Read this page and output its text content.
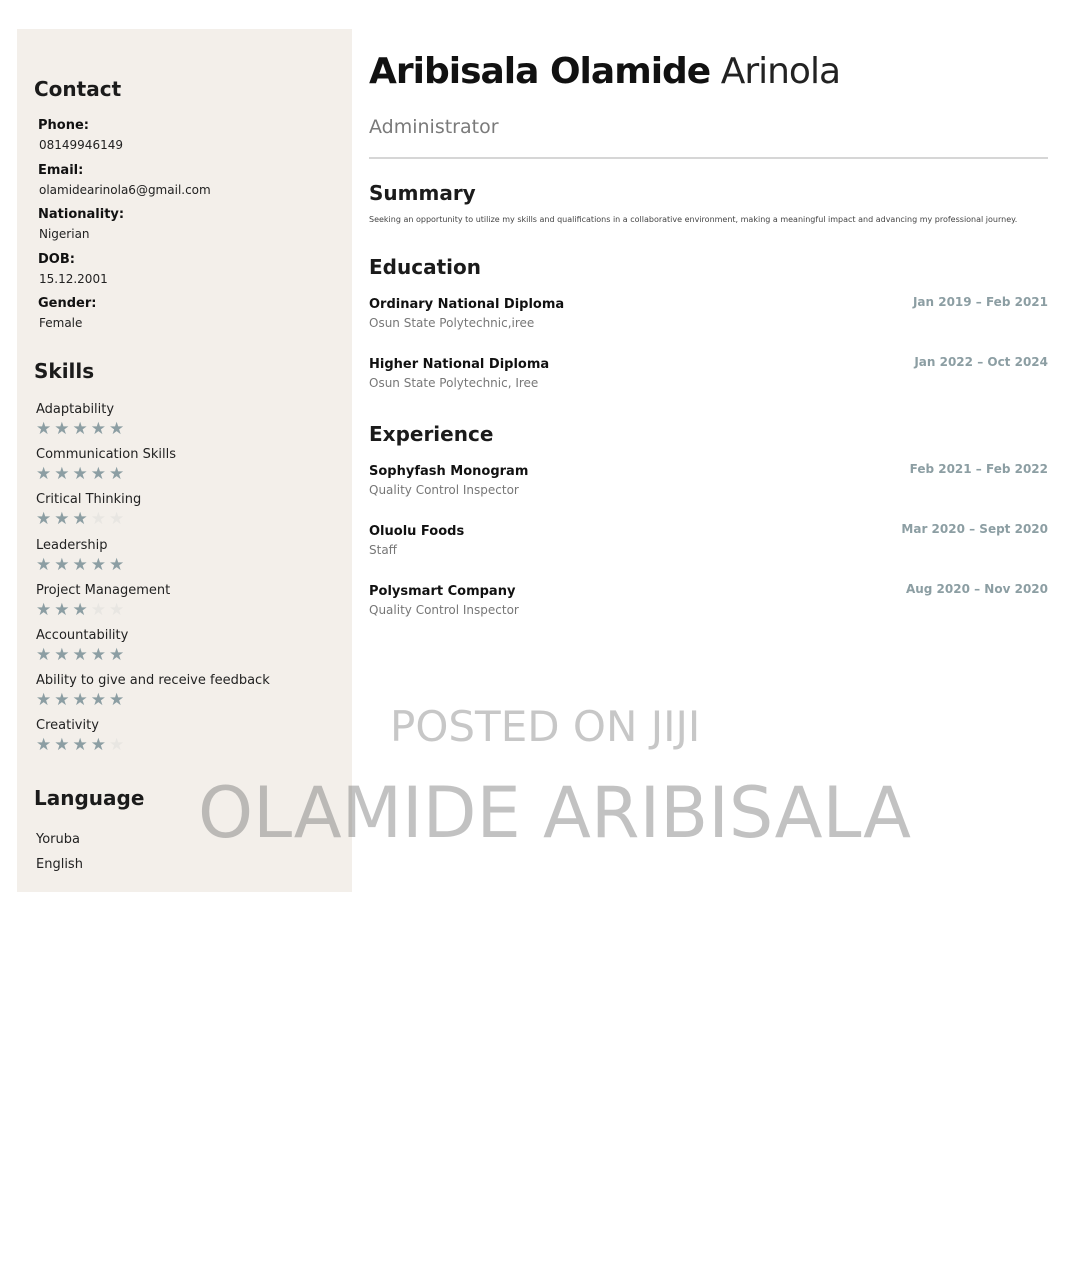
Contact
Phone:
08149946149
Email:
olamidearinola6@gmail.com
Nationality:
Nigerian
DOB:
15.12.2001
Gender:
Female
Skills
Adaptability
★ ★ ★ ★ ★
Communication Skills
★ ★ ★ ★ ★
Critical Thinking
★ ★ ★ ★ ★
Leadership
★ ★ ★ ★ ★
Project Management
★ ★ ★ ★ ★
Accountability
★ ★ ★ ★ ★
Ability to give and receive feedback
★ ★ ★ ★ ★
Creativity
★ ★ ★ ★ ★
Language
Yoruba
English
Aribisala Olamide Arinola
Administrator
Summary
Seeking an opportunity to utilize my skills and qualifications in a collaborative environment, making a meaningful impact and advancing my professional journey.
Education
Ordinary National Diploma
Osun State Polytechnic,iree
Jan 2019 – Feb 2021
Higher National Diploma
Osun State Polytechnic, Iree
Jan 2022 – Oct 2024
Experience
Sophyfash Monogram
Quality Control Inspector
Feb 2021 – Feb 2022
Oluolu Foods
Staff
Mar 2020 – Sept 2020
Polysmart Company
Quality Control Inspector
Aug 2020 – Nov 2020
POSTED ON JIJI
OLAMIDE ARIBISALA
